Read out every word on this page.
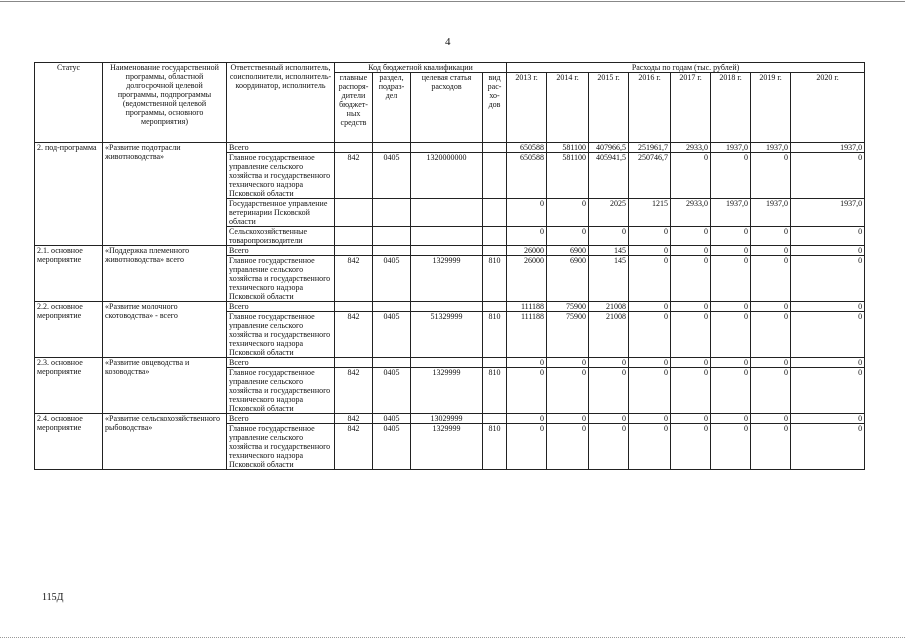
4
Статус	Наименование государственной программы, областной долгосрочной целевой программы, подпрограммы (ведомственной целевой программы, основного мероприятия)	Ответственный исполнитель, соисполнители, исполнитель-координатор, исполнитель	Код бюджетной квалификации				Расходы по годам (тыс. рублей)							
			главные распоря-дители бюджет-ных средств	раздел, подраз-дел	целевая статья расходов	вид рас-хо-дов	2013 г.	2014 г.	2015 г.	2016 г.	2017 г.	2018 г.	2019 г.	2020 г.
2. под-программа	«Развитие подотрасли животноводства»	Всего					650588	581100	407966,5	251961,7	2933,0	1937,0	1937,0	1937,0
		Главное государственное управление сельского хозяйства и государственного технического надзора Псковской области	842	0405	1320000000		650588	581100	405941,5	250746,7	0	0	0	0
		Государственное управление ветеринарии Псковской области					0	0	2025	1215	2933,0	1937,0	1937,0	1937,0
		Сельскохозяйственные товаропроизводители					0	0	0	0	0	0	0	0
2.1. основное мероприятие	«Поддержка племенного животноводства» всего	Всего					26000	6900	145	0	0	0	0	0
		Главное государственное управление сельского хозяйства и государственного технического надзора Псковской области	842	0405	1329999	810	26000	6900	145	0	0	0	0	0
2.2. основное мероприятие	«Развитие молочного скотоводства» - всего	Всего					111188	75900	21008	0	0	0	0	0
		Главное государственное управление сельского хозяйства и государственного технического надзора Псковской области	842	0405	51329999	810	111188	75900	21008	0	0	0	0	0
2.3. основное мероприятие	«Развитие овцеводства и козоводства»	Всего					0	0	0	0	0	0	0	0
		Главное государственное управление сельского хозяйства и государственного технического надзора Псковской области	842	0405	1329999	810	0	0	0	0	0	0	0	0
2.4. основное мероприятие	«Развитие сельскохозяйственного рыбоводства»	Всего	842	0405	13029999		0	0	0	0	0	0	0	0
		Главное государственное управление сельского хозяйства и государственного технического надзора Псковской области	842	0405	1329999	810	0	0	0	0	0	0	0	0
115Д
